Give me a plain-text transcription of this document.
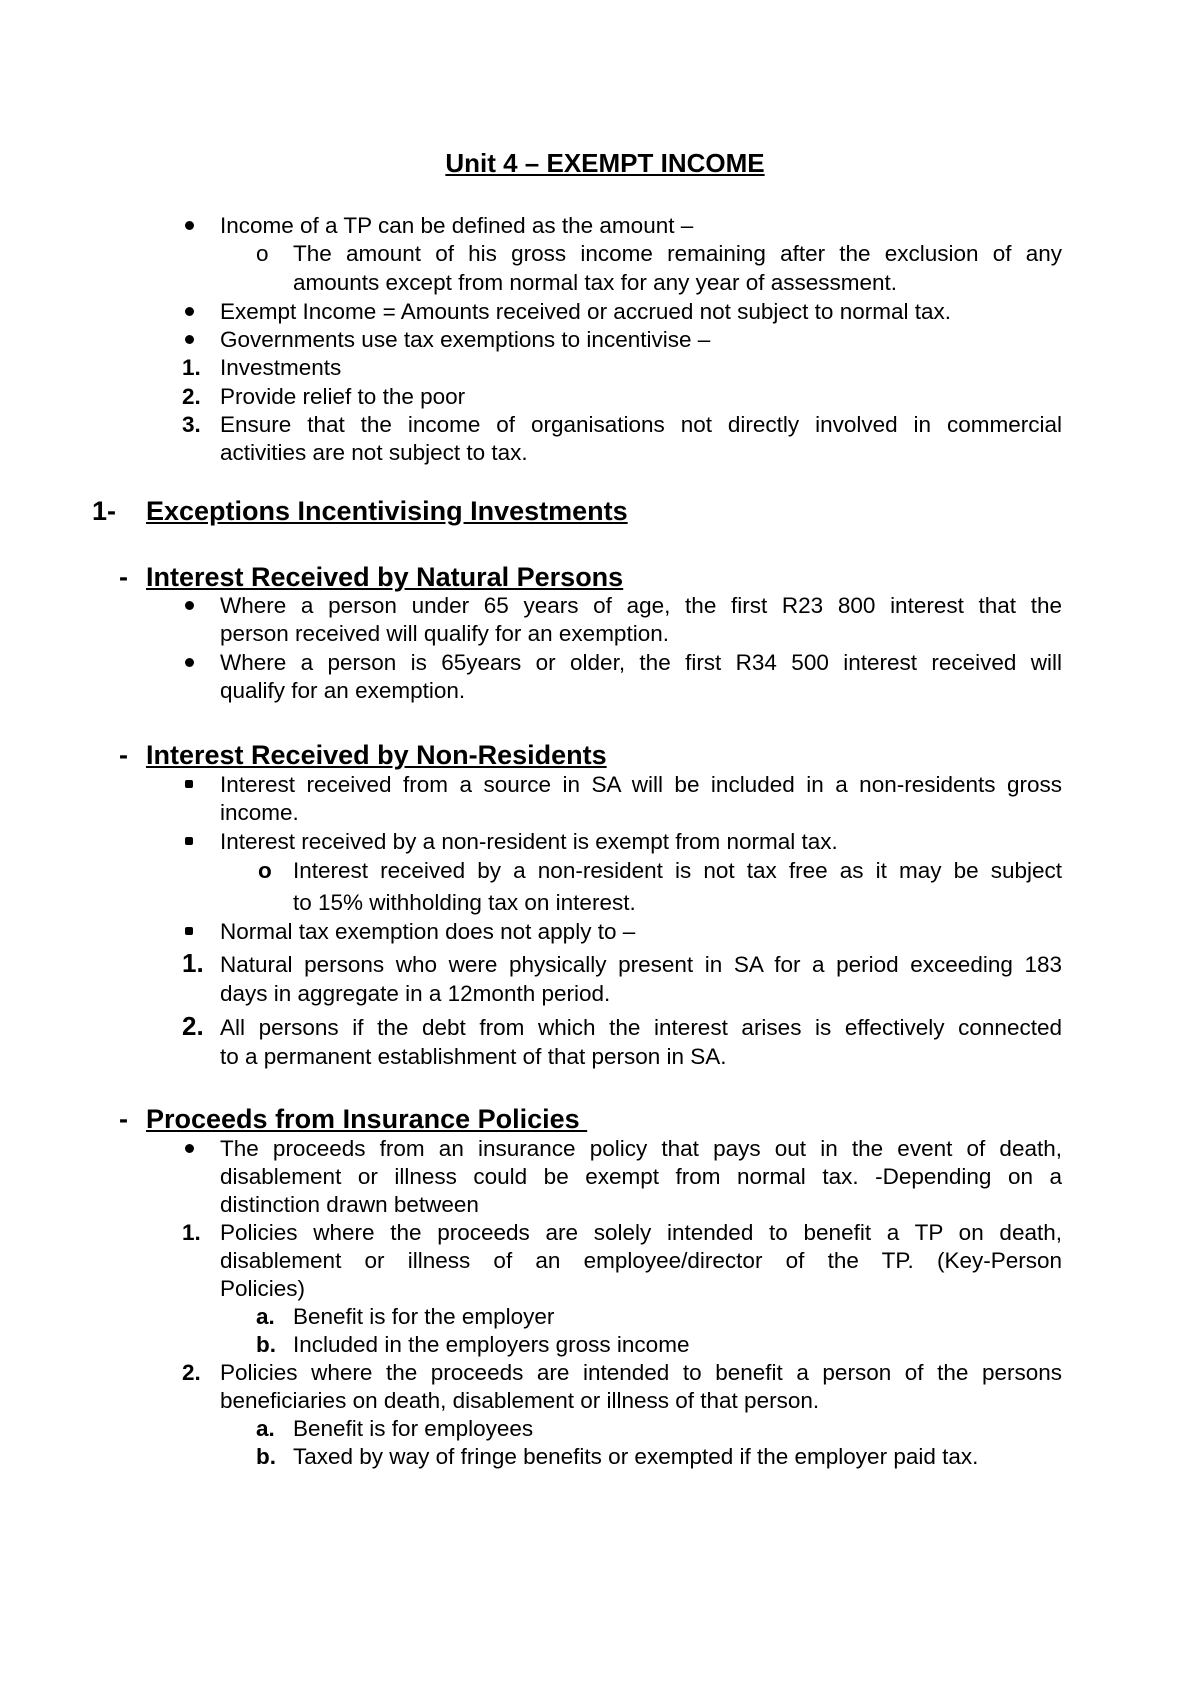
Unit 4 – EXEMPT INCOME
Income of a TP can be defined as the amount –
o The amount of his gross income remaining after the exclusion of any
amounts except from normal tax for any year of assessment.
Exempt Income = Amounts received or accrued not subject to normal tax.
Governments use tax exemptions to incentivise –
1. Investments
2. Provide relief to the poor
3. Ensure that the income of organisations not directly involved in commercial
activities are not subject to tax.
1- Exceptions Incentivising Investments
- Interest Received by Natural Persons
Where a person under 65 years of age, the first R23 800 interest that the
person received will qualify for an exemption.
Where a person is 65years or older, the first R34 500 interest received will
qualify for an exemption.
- Interest Received by Non-Residents
Interest received from a source in SA will be included in a non-residents gross
income.
Interest received by a non-resident is exempt from normal tax.
o Interest received by a non-resident is not tax free as it may be subject
to 15% withholding tax on interest.
Normal tax exemption does not apply to –
1. Natural persons who were physically present in SA for a period exceeding 183
days in aggregate in a 12month period.
2. All persons if the debt from which the interest arises is effectively connected
to a permanent establishment of that person in SA.
- Proceeds from Insurance Policies
The proceeds from an insurance policy that pays out in the event of death,
disablement or illness could be exempt from normal tax. -Depending on a
distinction drawn between
1. Policies where the proceeds are solely intended to benefit a TP on death,
disablement or illness of an employee/director of the TP. (Key-Person
Policies)
a. Benefit is for the employer
b. Included in the employers gross income
2. Policies where the proceeds are intended to benefit a person of the persons
beneficiaries on death, disablement or illness of that person.
a. Benefit is for employees
b. Taxed by way of fringe benefits or exempted if the employer paid tax.
